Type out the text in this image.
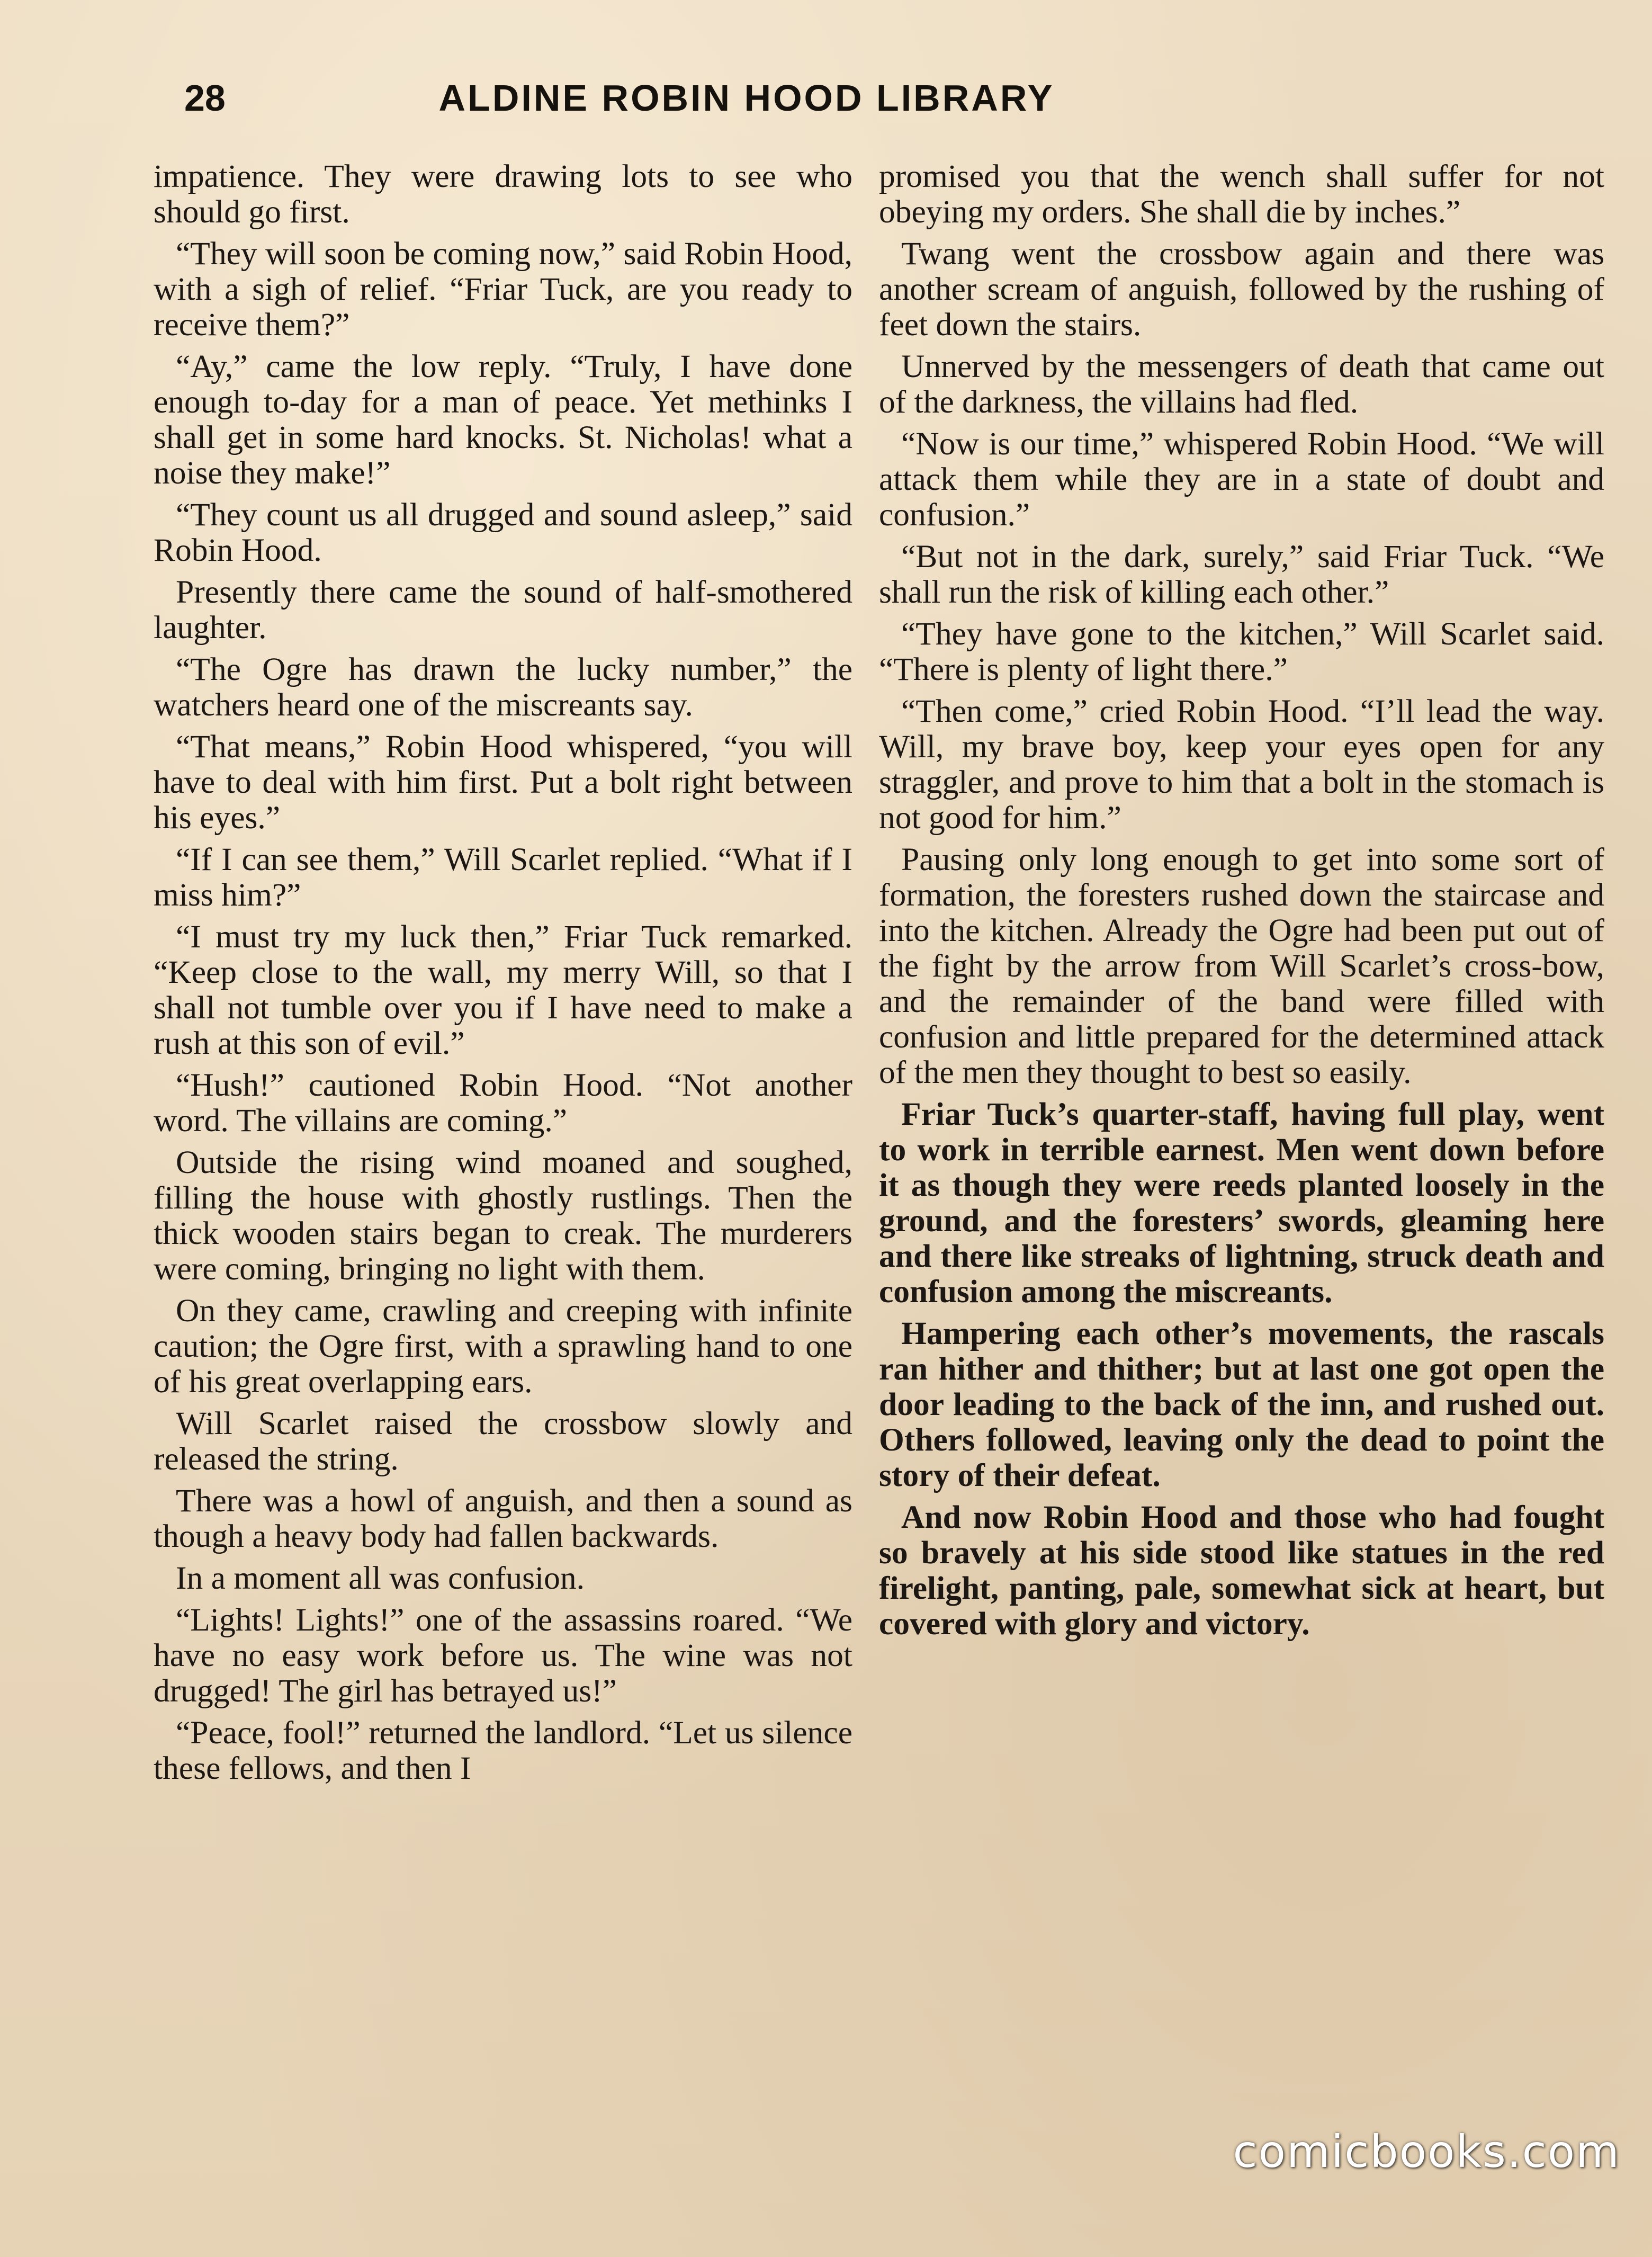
28	ALDINE ROBIN HOOD LIBRARY

impatience. They were drawing lots to see who should go first.

“They will soon be coming now,” said Robin Hood, with a sigh of relief. “Friar Tuck, are you ready to receive them?”

“Ay,” came the low reply. “Truly, I have done enough to-day for a man of peace. Yet methinks I shall get in some hard knocks. St. Nicholas! what a noise they make!”

“They count us all drugged and sound asleep,” said Robin Hood.

Presently there came the sound of half-smothered laughter.

“The Ogre has drawn the lucky number,” the watchers heard one of the miscreants say.

“That means,” Robin Hood whispered, “you will have to deal with him first. Put a bolt right between his eyes.”

“If I can see them,” Will Scarlet replied. “What if I miss him?”

“I must try my luck then,” Friar Tuck remarked. “Keep close to the wall, my merry Will, so that I shall not tumble over you if I have need to make a rush at this son of evil.”

“Hush!” cautioned Robin Hood. “Not another word. The villains are coming.”

Outside the rising wind moaned and soughed, filling the house with ghostly rustlings. Then the thick wooden stairs began to creak. The murderers were coming, bringing no light with them.

On they came, crawling and creeping with infinite caution; the Ogre first, with a sprawling hand to one of his great overlapping ears.

Will Scarlet raised the crossbow slowly and released the string.

There was a howl of anguish, and then a sound as though a heavy body had fallen backwards.

In a moment all was confusion.

“Lights! Lights!” one of the assassins roared. “We have no easy work before us. The wine was not drugged! The girl has betrayed us!”

“Peace, fool!” returned the landlord. “Let us silence these fellows, and then I

promised you that the wench shall suffer for not obeying my orders. She shall die by inches.”

Twang went the crossbow again and there was another scream of anguish, followed by the rushing of feet down the stairs.

Unnerved by the messengers of death that came out of the darkness, the villains had fled.

“Now is our time,” whispered Robin Hood. “We will attack them while they are in a state of doubt and confusion.”

“But not in the dark, surely,” said Friar Tuck. “We shall run the risk of killing each other.”

“They have gone to the kitchen,” Will Scarlet said. “There is plenty of light there.”

“Then come,” cried Robin Hood. “I’ll lead the way. Will, my brave boy, keep your eyes open for any straggler, and prove to him that a bolt in the stomach is not good for him.”

Pausing only long enough to get into some sort of formation, the foresters rushed down the staircase and into the kitchen. Already the Ogre had been put out of the fight by the arrow from Will Scarlet’s cross-bow, and the remainder of the band were filled with confusion and little prepared for the determined attack of the men they thought to best so easily.

Friar Tuck’s quarter-staff, having full play, went to work in terrible earnest. Men went down before it as though they were reeds planted loosely in the ground, and the foresters’ swords, gleaming here and there like streaks of lightning, struck death and confusion among the miscreants.

Hampering each other’s movements, the rascals ran hither and thither; but at last one got open the door leading to the back of the inn, and rushed out. Others followed, leaving only the dead to point the story of their defeat.

And now Robin Hood and those who had fought so bravely at his side stood like statues in the red firelight, panting, pale, somewhat sick at heart, but covered with glory and victory.

comicbooks.com
